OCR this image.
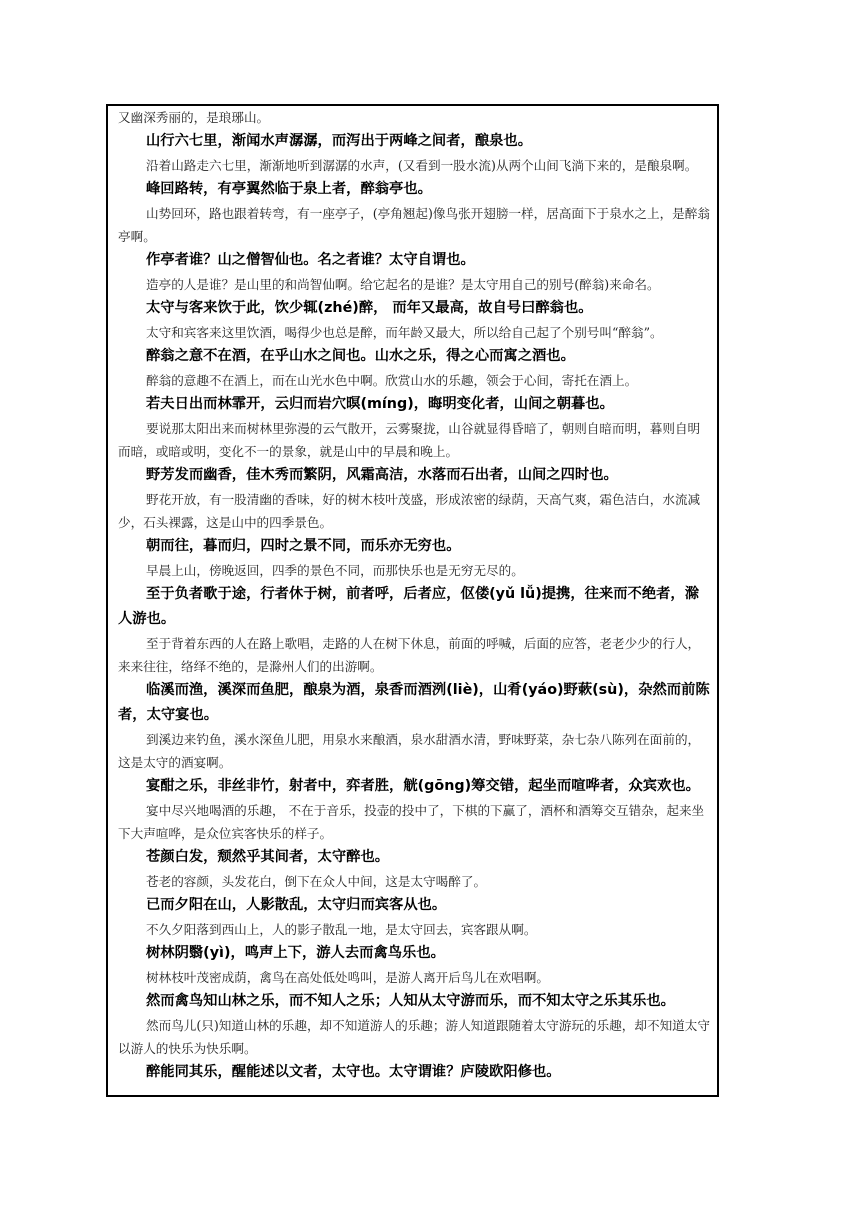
又幽深秀丽的，是琅琊山。

山行六七里，渐闻水声潺潺，而泻出于两峰之间者，酿泉也。

沿着山路走六七里，渐渐地听到潺潺的水声，(又看到一股水流)从两个山间飞淌下来的，是酿泉啊。

峰回路转，有亭翼然临于泉上者，醉翁亭也。

山势回环，路也跟着转弯，有一座亭子，(亭角翘起)像鸟张开翅膀一样，居高面下于泉水之上，是醉翁亭啊。

作亭者谁？山之僧智仙也。名之者谁？太守自谓也。

造亭的人是谁？是山里的和尚智仙啊。给它起名的是谁？是太守用自己的别号(醉翁)来命名。

太守与客来饮于此，饮少辄(zhé)醉， 而年又最高，故自号曰醉翁也。

太守和宾客来这里饮酒，喝得少也总是醉，而年龄又最大，所以给自己起了个别号叫“醉翁”。

醉翁之意不在酒，在乎山水之间也。山水之乐，得之心而寓之酒也。

醉翁的意趣不在酒上，而在山光水色中啊。欣赏山水的乐趣，领会于心间，寄托在酒上。

若夫日出而林霏开，云归而岩穴暝(míng)，晦明变化者，山间之朝暮也。

要说那太阳出来而树林里弥漫的云气散开，云雾聚拢，山谷就显得昏暗了，朝则自暗而明，暮则自明而暗，或暗或明，变化不一的景象，就是山中的早晨和晚上。

野芳发而幽香，佳木秀而繁阴，风霜高洁，水落而石出者，山间之四时也。

野花开放，有一股清幽的香味，好的树木枝叶茂盛，形成浓密的绿荫，天高气爽，霜色洁白，水流减少，石头裸露，这是山中的四季景色。

朝而往，暮而归，四时之景不同，而乐亦无穷也。

早晨上山，傍晚返回，四季的景色不同，而那快乐也是无穷无尽的。

至于负者歌于途，行者休于树，前者呼，后者应，伛偻(yǔ lǚ)提携，往来而不绝者，滁人游也。

至于背着东西的人在路上歌唱，走路的人在树下休息，前面的呼喊，后面的应答，老老少少的行人，来来往往，络绎不绝的，是滁州人们的出游啊。

临溪而渔，溪深而鱼肥，酿泉为酒，泉香而酒洌(liè)，山肴(yáo)野蔌(sù)，杂然而前陈者，太守宴也。

到溪边来钓鱼，溪水深鱼儿肥，用泉水来酿酒，泉水甜酒水清，野味野菜，杂七杂八陈列在面前的，这是太守的酒宴啊。

宴酣之乐，非丝非竹，射者中，弈者胜，觥(gōng)筹交错，起坐而喧哗者，众宾欢也。

宴中尽兴地喝酒的乐趣， 不在于音乐，投壶的投中了，下棋的下赢了，酒杯和酒筹交互错杂，起来坐下大声喧哗，是众位宾客快乐的样子。

苍颜白发，颓然乎其间者，太守醉也。

苍老的容颜，头发花白，倒下在众人中间，这是太守喝醉了。

已而夕阳在山，人影散乱，太守归而宾客从也。

不久夕阳落到西山上，人的影子散乱一地，是太守回去，宾客跟从啊。

树林阴翳(yì)，鸣声上下，游人去而禽鸟乐也。

树林枝叶茂密成荫，禽鸟在高处低处鸣叫，是游人离开后鸟儿在欢唱啊。

然而禽鸟知山林之乐，而不知人之乐；人知从太守游而乐，而不知太守之乐其乐也。

然而鸟儿(只)知道山林的乐趣，却不知道游人的乐趣；游人知道跟随着太守游玩的乐趣，却不知道太守以游人的快乐为快乐啊。

醉能同其乐，醒能述以文者，太守也。太守谓谁？庐陵欧阳修也。
